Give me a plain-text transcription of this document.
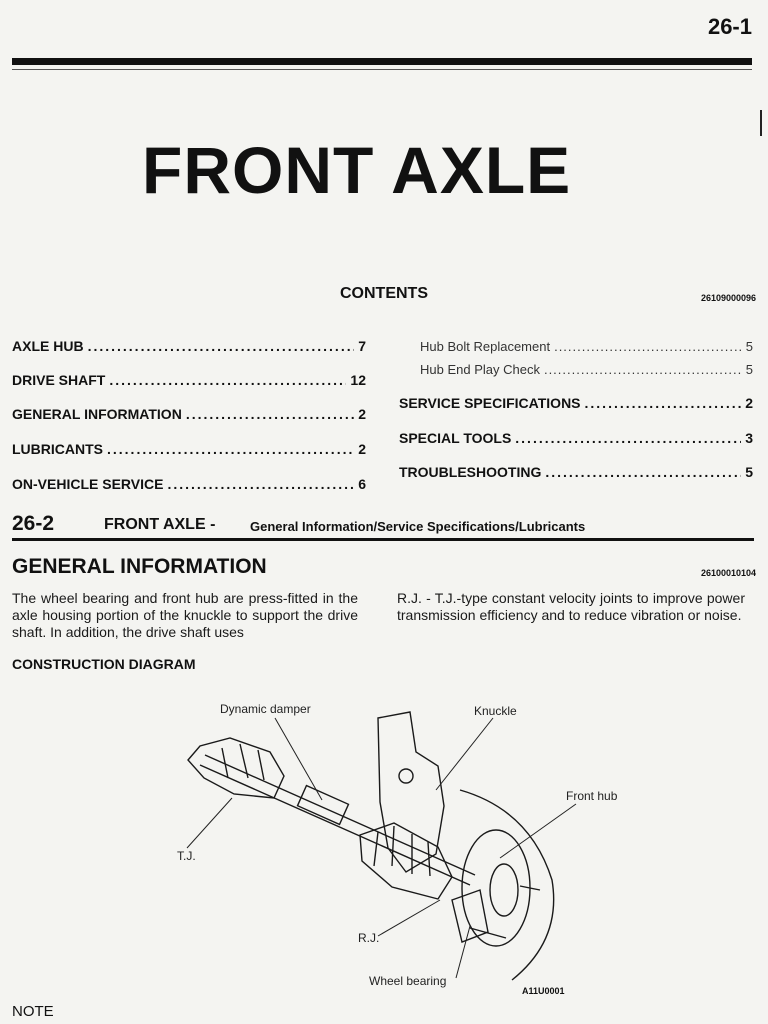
26-1
FRONT AXLE
CONTENTS	26109000096
AXLE HUB .....	7
DRIVE SHAFT .....	12
GENERAL INFORMATION .....	2
LUBRICANTS .....	2
ON-VEHICLE SERVICE .....	6
Hub Bolt Replacement .....	5
Hub End Play Check .....	5
SERVICE SPECIFICATIONS .....	2
SPECIAL TOOLS .....	3
TROUBLESHOOTING .....	5
26-2	FRONT AXLE -	General Information/Service Specifications/Lubricants
GENERAL INFORMATION	26100010104
The wheel bearing and front hub are press-fitted in the axle housing portion of the knuckle to support the drive shaft. In addition, the drive shaft uses
R.J. - T.J.-type constant velocity joints to improve power transmission efficiency and to reduce vibration or noise.
CONSTRUCTION DIAGRAM
Dynamic damper	Knuckle
Front hub
T.J.
R.J.
Wheel bearing
A11U0001
NOTE
